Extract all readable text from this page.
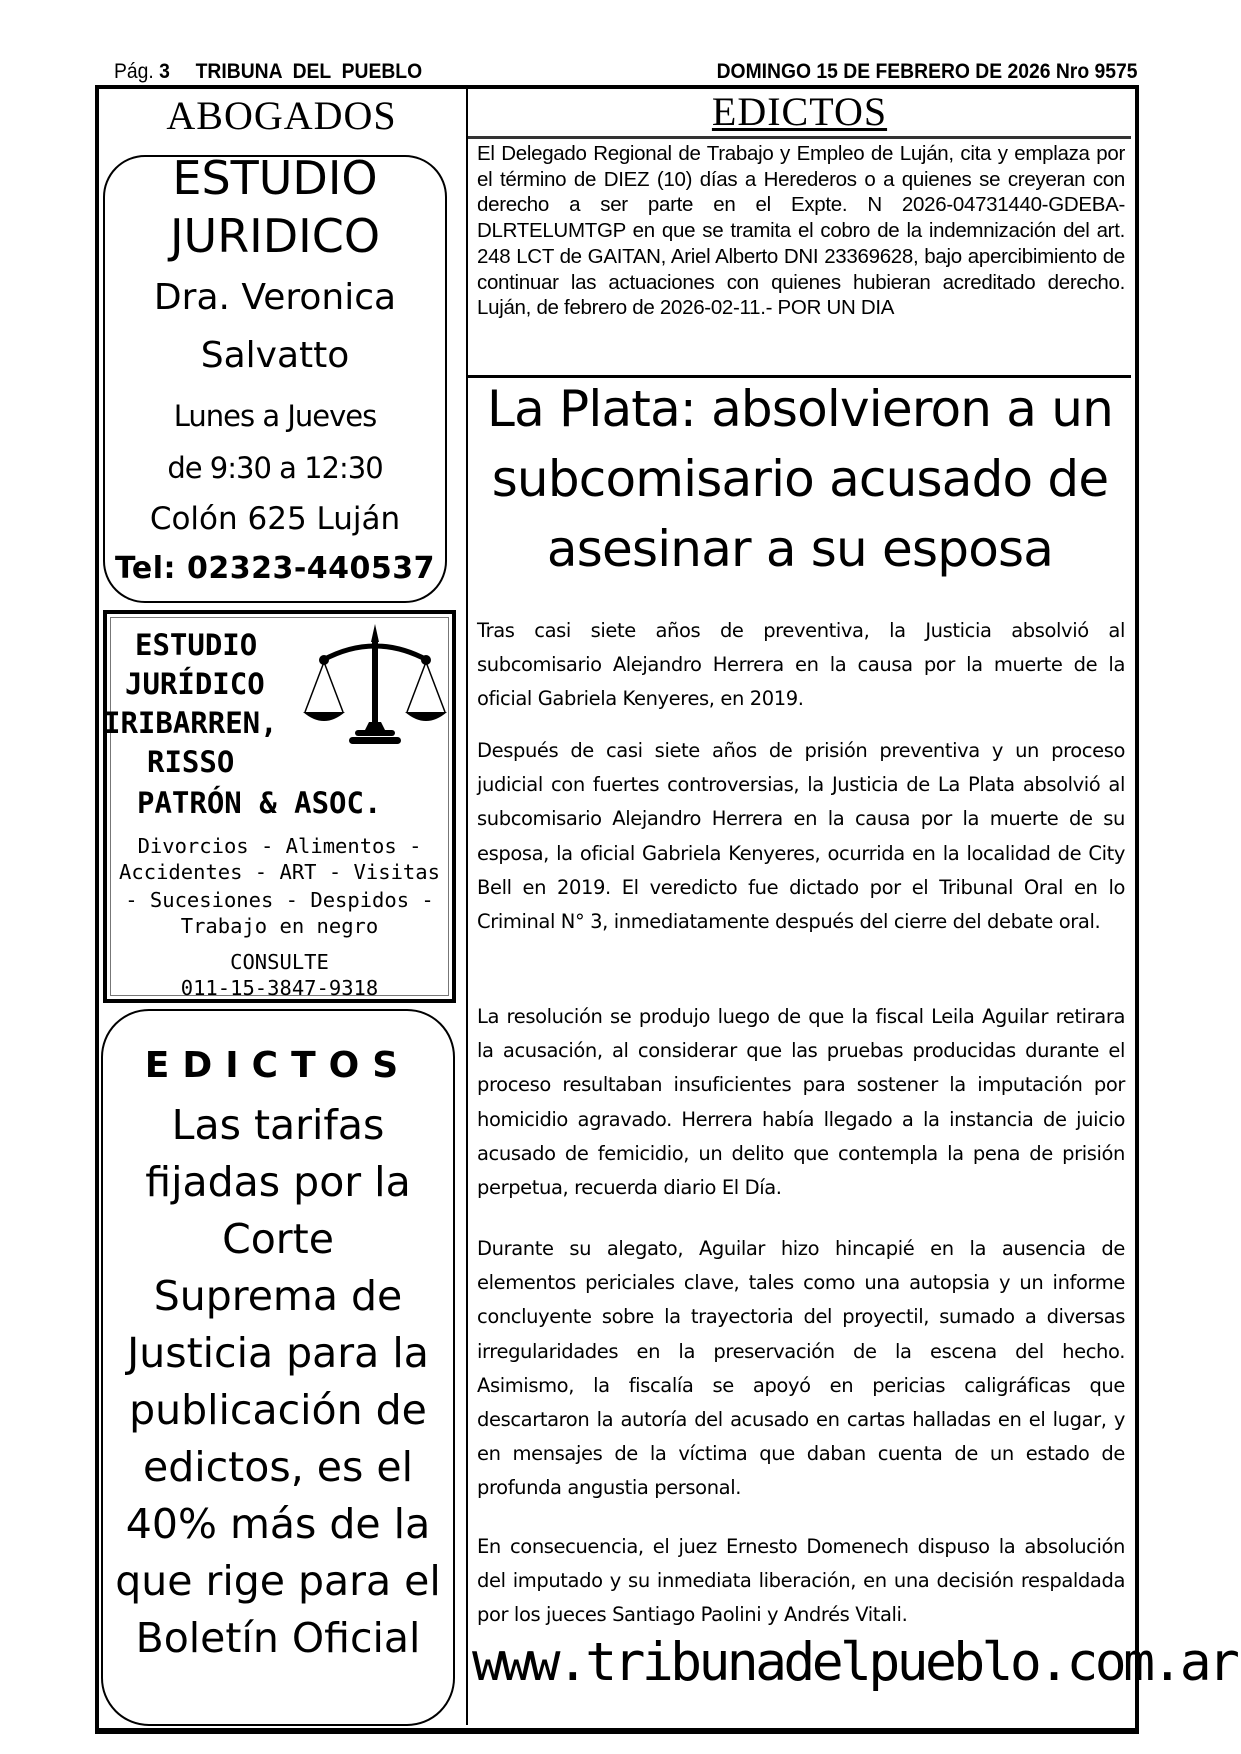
Pág. 3 TRIBUNA  DEL  PUEBLO	DOMINGO 15 DE FEBRERO DE 2026 Nro 9575
ABOGADOS
ESTUDIO
JURIDICO
Dra. Veronica
Salvatto
Lunes a Jueves
de 9:30 a 12:30
Colón 625 Luján
Tel: 02323-440537
ESTUDIO
JURÍDICO
IRIBARREN,
RISSO
PATRÓN & ASOC.
Divorcios - Alimentos -
Accidentes - ART - Visitas
- Sucesiones - Despidos -
Trabajo en negro
CONSULTE
011-15-3847-9318
EDICTOS
Las tarifas
fijadas por la
Corte
Suprema de
Justicia para la
publicación de
edictos, es el
40% más de la
que rige para el
Boletín Oficial
EDICTOS
El Delegado Regional de Trabajo y Empleo de Luján, cita y emplaza por el término de DIEZ (10) días a Herederos o a quienes se creyeran con derecho a ser parte en el Expte. N 2026-04731440-GDEBA-DLRTELUMTGP en que se tramita el cobro de la indemnización del art. 248 LCT de GAITAN, Ariel Alberto DNI 23369628, bajo apercibimiento de continuar las actuaciones con quienes hubieran acreditado derecho. Luján, de febrero de 2026-02-11.- POR UN DIA
La Plata: absolvieron a un
subcomisario acusado de
asesinar a su esposa
Tras casi siete años de preventiva, la Justicia absolvió al subcomisario Alejandro Herrera en la causa por la muerte de la oficial Gabriela Kenyeres, en 2019.
Después de casi siete años de prisión preventiva y un proceso judicial con fuertes controversias, la Justicia de La Plata absolvió al subcomisario Alejandro Herrera en la causa por la muerte de su esposa, la oficial Gabriela Kenyeres, ocurrida en la localidad de City Bell en 2019. El veredicto fue dictado por el Tribunal Oral en lo Criminal N° 3, inmediatamente después del cierre del debate oral.
La resolución se produjo luego de que la fiscal Leila Aguilar retirara la acusación, al considerar que las pruebas producidas durante el proceso resultaban insuficientes para sostener la imputación por homicidio agravado. Herrera había llegado a la instancia de juicio acusado de femicidio, un delito que contempla la pena de prisión perpetua, recuerda diario El Día.
Durante su alegato, Aguilar hizo hincapié en la ausencia de elementos periciales clave, tales como una autopsia y un informe concluyente sobre la trayectoria del proyectil, sumado a diversas irregularidades en la preservación de la escena del hecho. Asimismo, la fiscalía se apoyó en pericias caligráficas que descartaron la autoría del acusado en cartas halladas en el lugar, y en mensajes de la víctima que daban cuenta de un estado de profunda angustia personal.
En consecuencia, el juez Ernesto Domenech dispuso la absolución del imputado y su inmediata liberación, en una decisión respaldada por los jueces Santiago Paolini y Andrés Vitali.
www.tribunadelpueblo.com.ar
